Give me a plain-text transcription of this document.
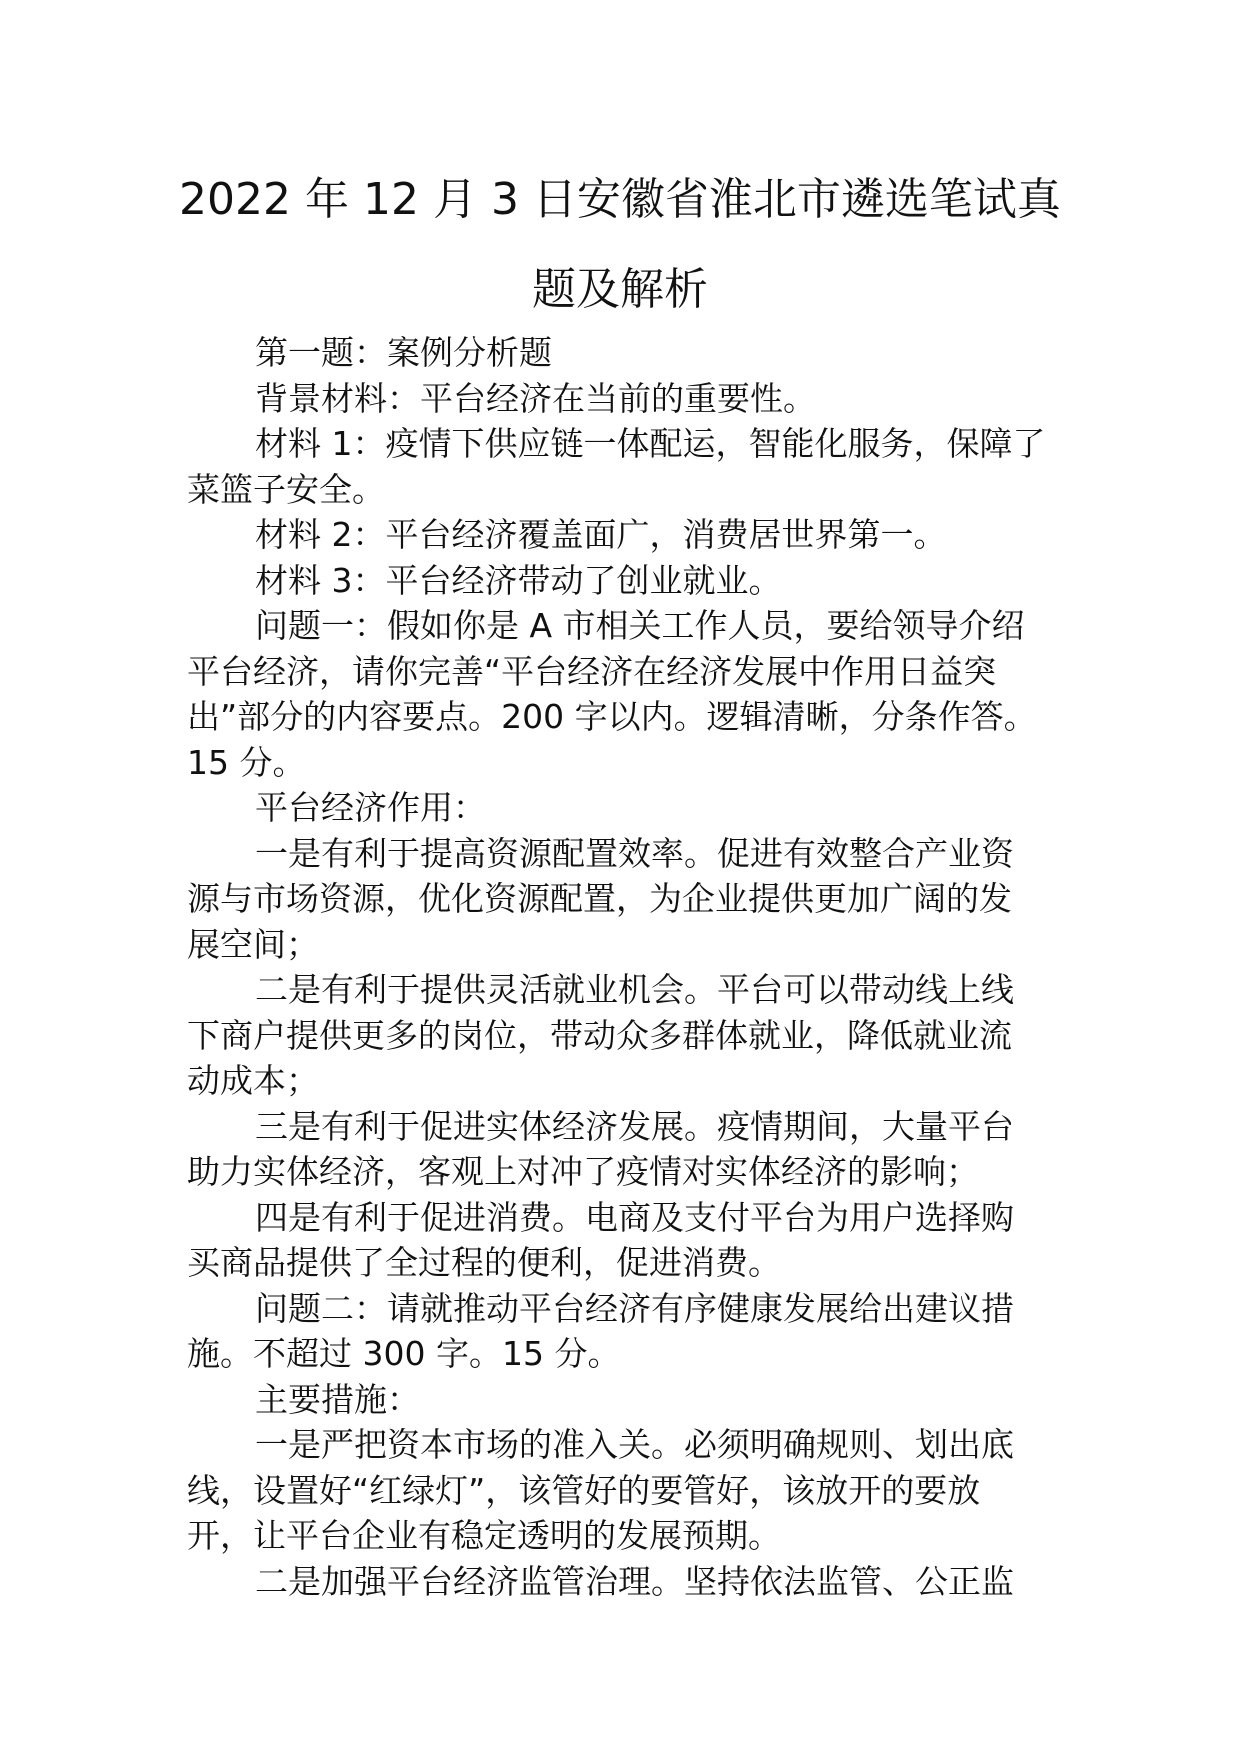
2022 年 12 月 3 日安徽省淮北市遴选笔试真
题及解析
第一题：案例分析题
背景材料：平台经济在当前的重要性。
材料 1：疫情下供应链一体配运，智能化服务，保障了
菜篮子安全。
材料 2：平台经济覆盖面广，消费居世界第一。
材料 3：平台经济带动了创业就业。
问题一：假如你是 A 市相关工作人员，要给领导介绍
平台经济，请你完善“平台经济在经济发展中作用日益突
出”部分的内容要点。200 字以内。逻辑清晰，分条作答。
15 分。
平台经济作用：
一是有利于提高资源配置效率。促进有效整合产业资
源与市场资源，优化资源配置，为企业提供更加广阔的发
展空间；
二是有利于提供灵活就业机会。平台可以带动线上线
下商户提供更多的岗位，带动众多群体就业，降低就业流
动成本；
三是有利于促进实体经济发展。疫情期间，大量平台
助力实体经济，客观上对冲了疫情对实体经济的影响；
四是有利于促进消费。电商及支付平台为用户选择购
买商品提供了全过程的便利，促进消费。
问题二：请就推动平台经济有序健康发展给出建议措
施。不超过 300 字。15 分。
主要措施：
一是严把资本市场的准入关。必须明确规则、划出底
线，设置好“红绿灯”，该管好的要管好，该放开的要放
开，让平台企业有稳定透明的发展预期。
二是加强平台经济监管治理。坚持依法监管、公正监
